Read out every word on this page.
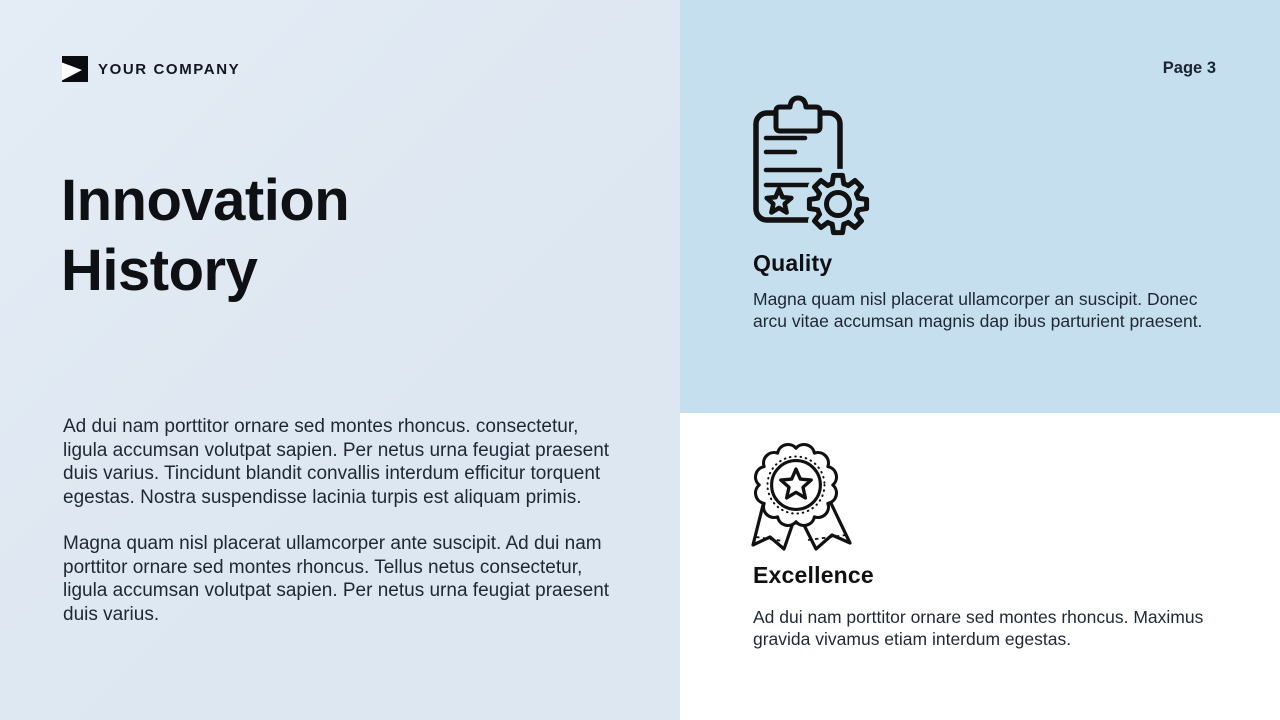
YOUR COMPANY	Page 3
Innovation History

Ad dui nam porttitor ornare sed montes rhoncus. consectetur, ligula accumsan volutpat sapien. Per netus urna feugiat praesent duis varius. Tincidunt blandit convallis interdum efficitur torquent egestas. Nostra suspendisse lacinia turpis est aliquam primis.

Magna quam nisl placerat ullamcorper ante suscipit. Ad dui nam porttitor ornare sed montes rhoncus. Tellus netus consectetur, ligula accumsan volutpat sapien. Per netus urna feugiat praesent duis varius.

Quality

Magna quam nisl placerat ullamcorper an suscipit. Donec arcu vitae accumsan magnis dap ibus parturient praesent.

Excellence

Ad dui nam porttitor ornare sed montes rhoncus. Maximus gravida vivamus etiam interdum egestas.
